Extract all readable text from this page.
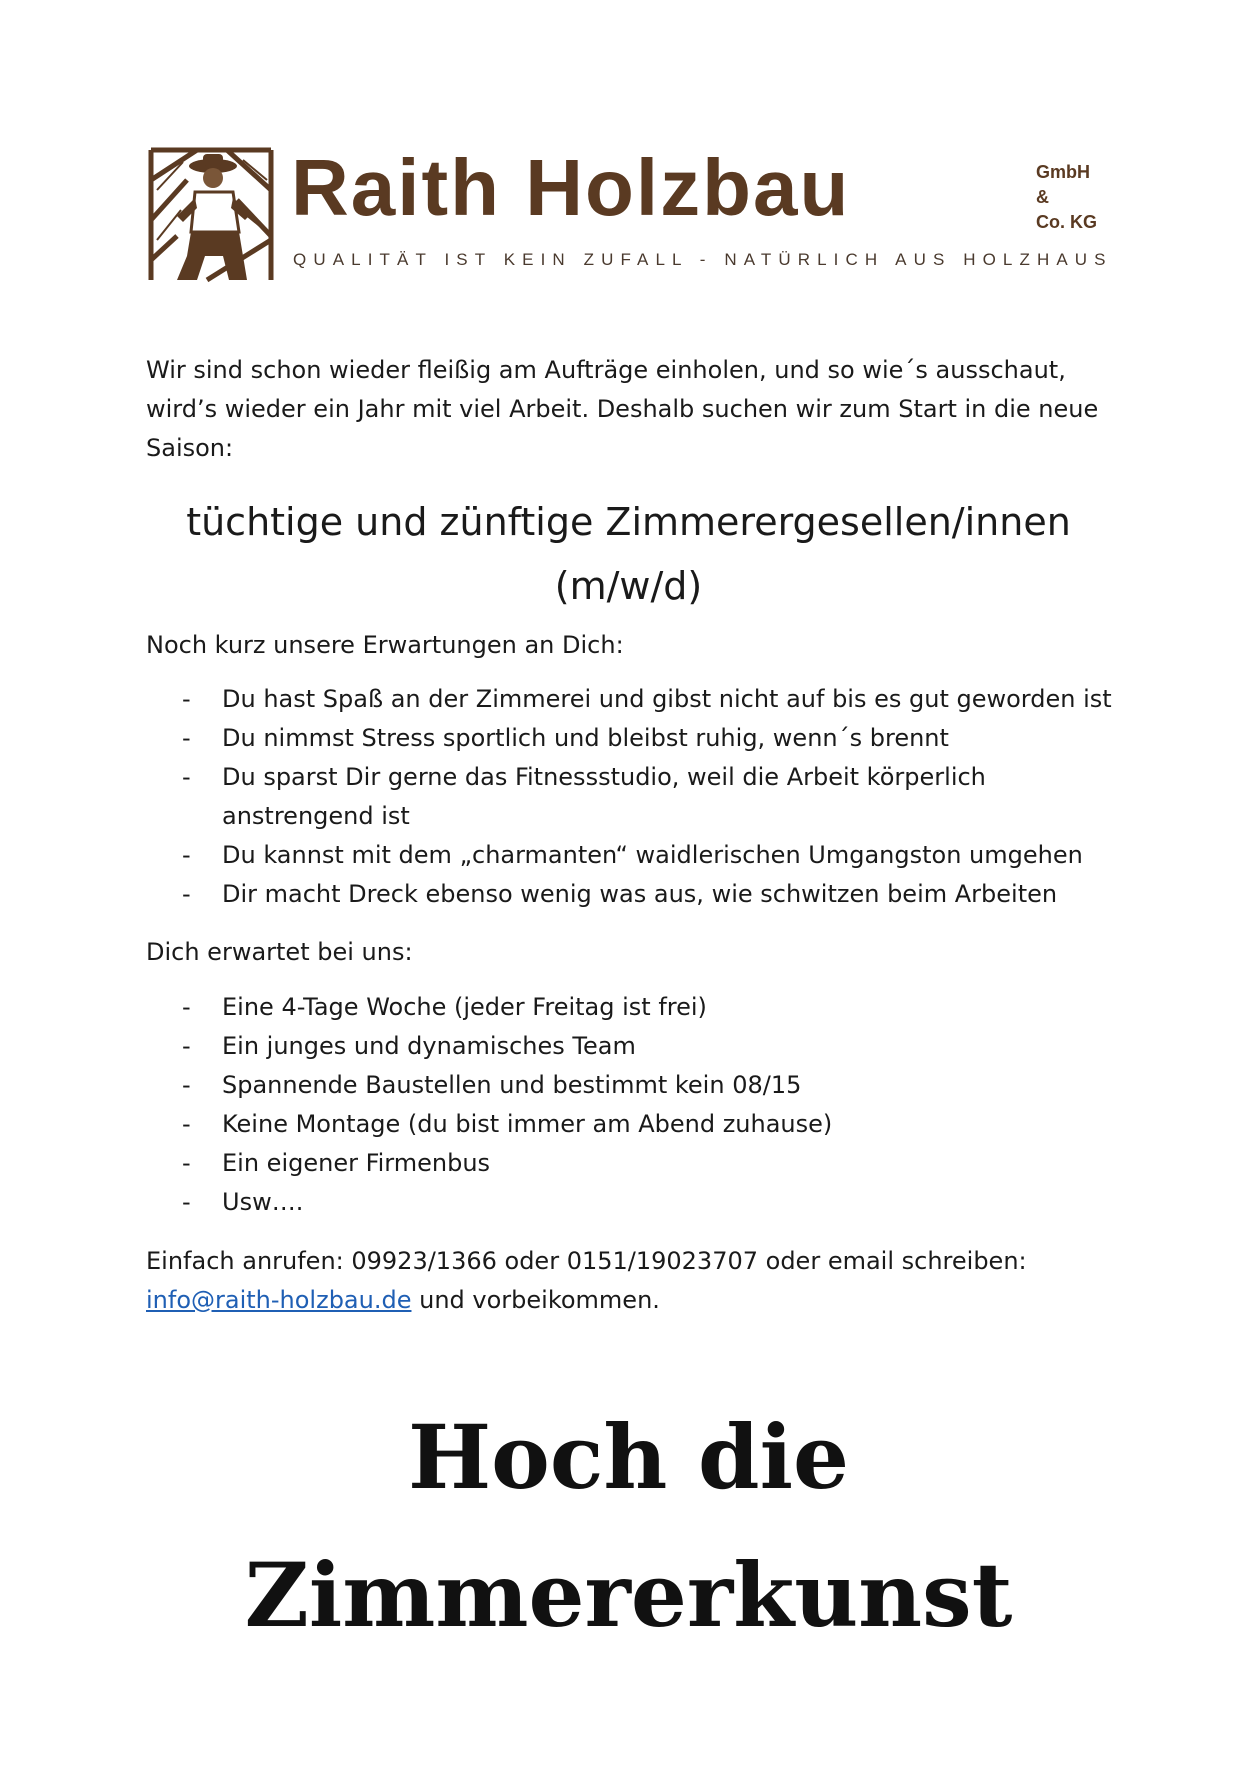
Raith Holzbau	GmbH
&
Co. KG
QUALITÄT IST KEIN ZUFALL - NATÜRLICH AUS HOLZHAUS
Wir sind schon wieder fleißig am Aufträge einholen, und so wie´s ausschaut, wird’s wieder ein Jahr mit viel Arbeit. Deshalb suchen wir zum Start in die neue Saison:
tüchtige und zünftige Zimmerergesellen/innen
(m/w/d)
Noch kurz unsere Erwartungen an Dich:
- Du hast Spaß an der Zimmerei und gibst nicht auf bis es gut geworden ist
- Du nimmst Stress sportlich und bleibst ruhig, wenn´s brennt
- Du sparst Dir gerne das Fitnessstudio, weil die Arbeit körperlich anstrengend ist
- Du kannst mit dem „charmanten“ waidlerischen Umgangston umgehen
- Dir macht Dreck ebenso wenig was aus, wie schwitzen beim Arbeiten
Dich erwartet bei uns:
- Eine 4-Tage Woche (jeder Freitag ist frei)
- Ein junges und dynamisches Team
- Spannende Baustellen und bestimmt kein 08/15
- Keine Montage (du bist immer am Abend zuhause)
- Ein eigener Firmenbus
- Usw….
Einfach anrufen: 09923/1366 oder 0151/19023707 oder email schreiben:
info@raith-holzbau.de und vorbeikommen.
Hoch die
Zimmererkunst
